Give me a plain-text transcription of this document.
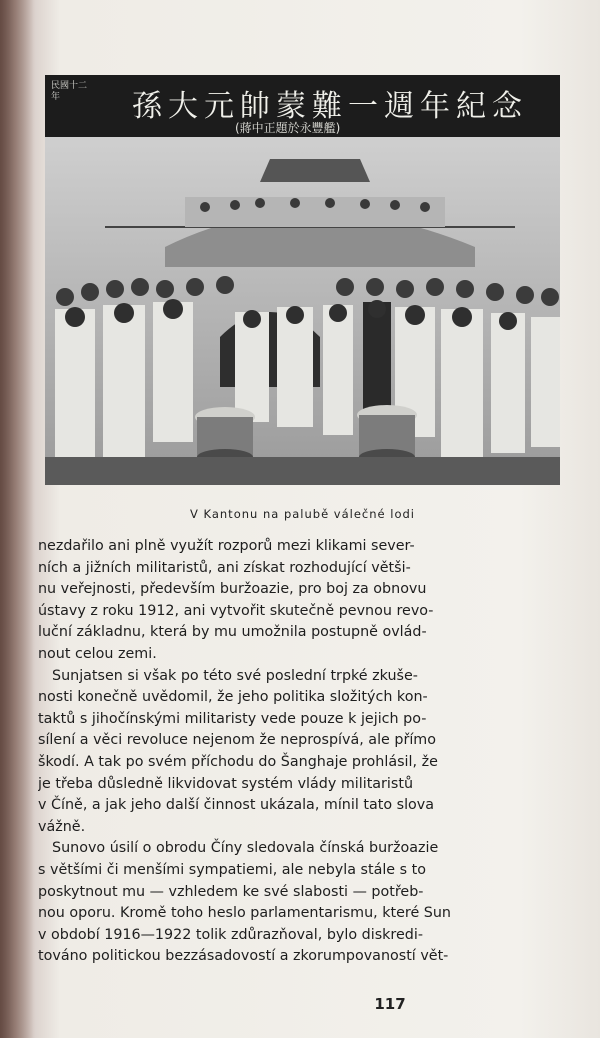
民國十二年	孫大元帥蒙難一週年紀念
(蔣中正題於永豐艦)
V Kantonu na palubě válečné lodi
nezdařilo ani plně využít rozporů mezi klikami sever-
ních a jižních militaristů, ani získat rozhodující větši-
nu veřejnosti, především buržoazie, pro boj za obnovu
ústavy z roku 1912, ani vytvořit skutečně pevnou revo-
luční základnu, která by mu umožnila postupně ovlád-
nout celou zemi.
Sunjatsen si však po této své poslední trpké zkuše-
nosti konečně uvědomil, že jeho politika složitých kon-
taktů s jihočínskými militaristy vede pouze k jejich po-
sílení a věci revoluce nejenom že neprospívá, ale přímo
škodí. A tak po svém příchodu do Šanghaje prohlásil, že
je třeba důsledně likvidovat systém vlády militaristů
v Číně, a jak jeho další činnost ukázala, mínil tato slova
vážně.
Sunovo úsilí o obrodu Číny sledovala čínská buržoazie
s většími či menšími sympatiemi, ale nebyla stále s to
poskytnout mu — vzhledem ke své slabosti — potřeb-
nou oporu. Kromě toho heslo parlamentarismu, které Sun
v období 1916—1922 tolik zdůrazňoval, bylo diskredi-
továno politickou bezzásadovostí a zkorumpovaností vět-
117
